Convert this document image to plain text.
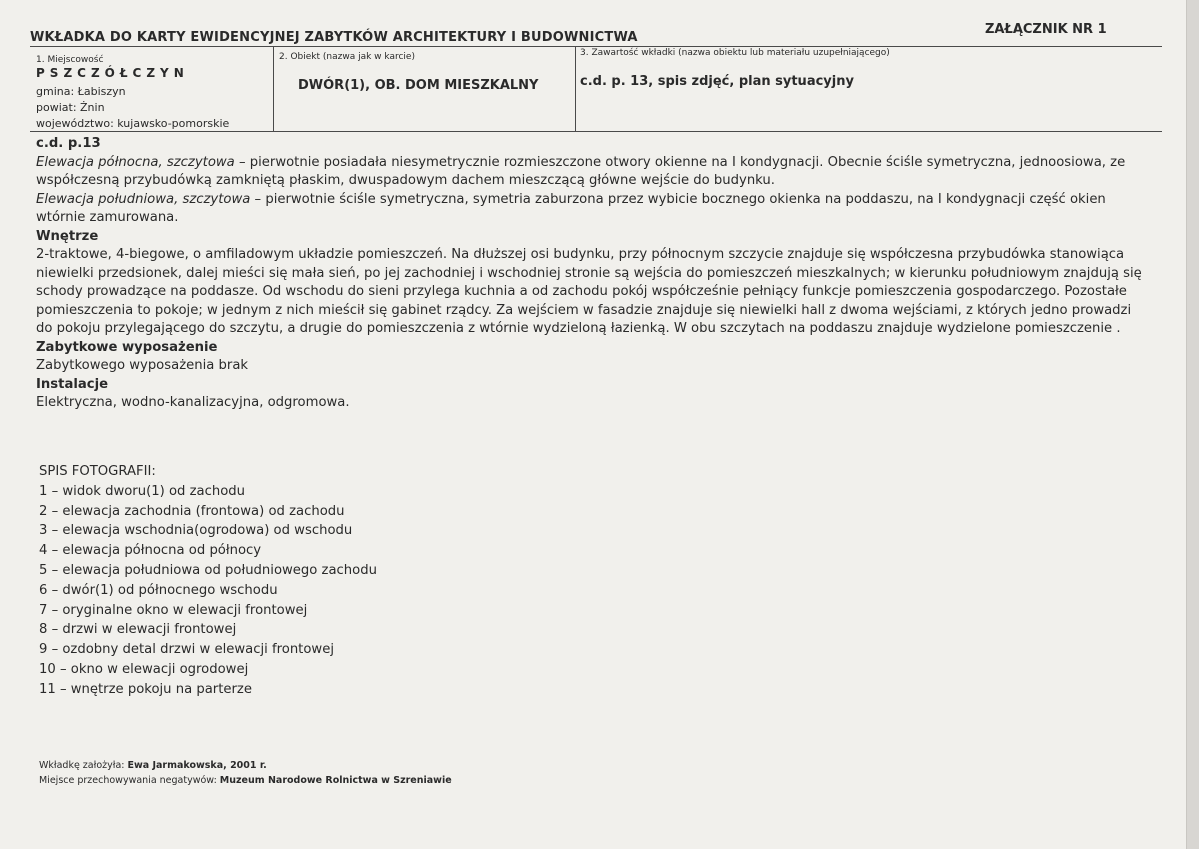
WKŁADKA DO KARTY EWIDENCYJNEJ ZABYTKÓW ARCHITEKTURY I BUDOWNICTWA
ZAŁĄCZNIK NR 1
1. Miejscowość
PSZCZÓŁCZYN
gmina: Łabiszyn
powiat: Żnin
województwo: kujawsko-pomorskie
2. Obiekt (nazwa jak w karcie)
DWÓR(1), OB. DOM MIESZKALNY
3. Zawartość wkładki (nazwa obiektu lub materiału uzupełniającego)
c.d. p. 13, spis zdjęć, plan sytuacyjny

c.d. p.13

Elewacja północna, szczytowa – pierwotnie posiadała niesymetrycznie rozmieszczone otwory okienne na I kondygnacji. Obecnie ściśle symetryczna, jednoosiowa, ze współczesną przybudówką zamkniętą płaskim, dwuspadowym dachem mieszczącą główne wejście do budynku.

Elewacja południowa, szczytowa – pierwotnie ściśle symetryczna, symetria zaburzona przez wybicie bocznego okienka na poddaszu, na I kondygnacji część okien wtórnie zamurowana.

Wnętrze

2-traktowe, 4-biegowe, o amfiladowym układzie pomieszczeń. Na dłuższej osi budynku, przy północnym szczycie znajduje się współczesna przybudówka stanowiąca niewielki przedsionek, dalej mieści się mała sień, po jej zachodniej i wschodniej stronie są wejścia do pomieszczeń mieszkalnych; w kierunku południowym znajdują się schody prowadzące na poddasze. Od wschodu do sieni przylega kuchnia a od zachodu pokój współcześnie pełniący funkcje pomieszczenia gospodarczego. Pozostałe pomieszczenia to pokoje; w jednym z nich mieścił się gabinet rządcy. Za wejściem w fasadzie znajduje się niewielki hall z dwoma wejściami, z których jedno prowadzi do pokoju przylegającego do szczytu, a drugie do pomieszczenia z wtórnie wydzieloną łazienką. W obu szczytach na poddaszu znajduje wydzielone pomieszczenie .

Zabytkowe wyposażenie

Zabytkowego wyposażenia brak

Instalacje

Elektryczna, wodno-kanalizacyjna, odgromowa.

SPIS FOTOGRAFII:
1 – widok dworu(1) od zachodu
2 – elewacja zachodnia (frontowa) od zachodu
3 – elewacja wschodnia(ogrodowa) od wschodu
4 – elewacja północna od północy
5 – elewacja południowa od południowego zachodu
6 – dwór(1) od północnego wschodu
7 – oryginalne okno w elewacji frontowej
8 – drzwi w elewacji frontowej
9 – ozdobny detal drzwi w elewacji frontowej
10 – okno w elewacji ogrodowej
11 – wnętrze pokoju na parterze
Wkładkę założyła: Ewa Jarmakowska, 2001 r.
Miejsce przechowywania negatywów: Muzeum Narodowe Rolnictwa w Szreniawie
